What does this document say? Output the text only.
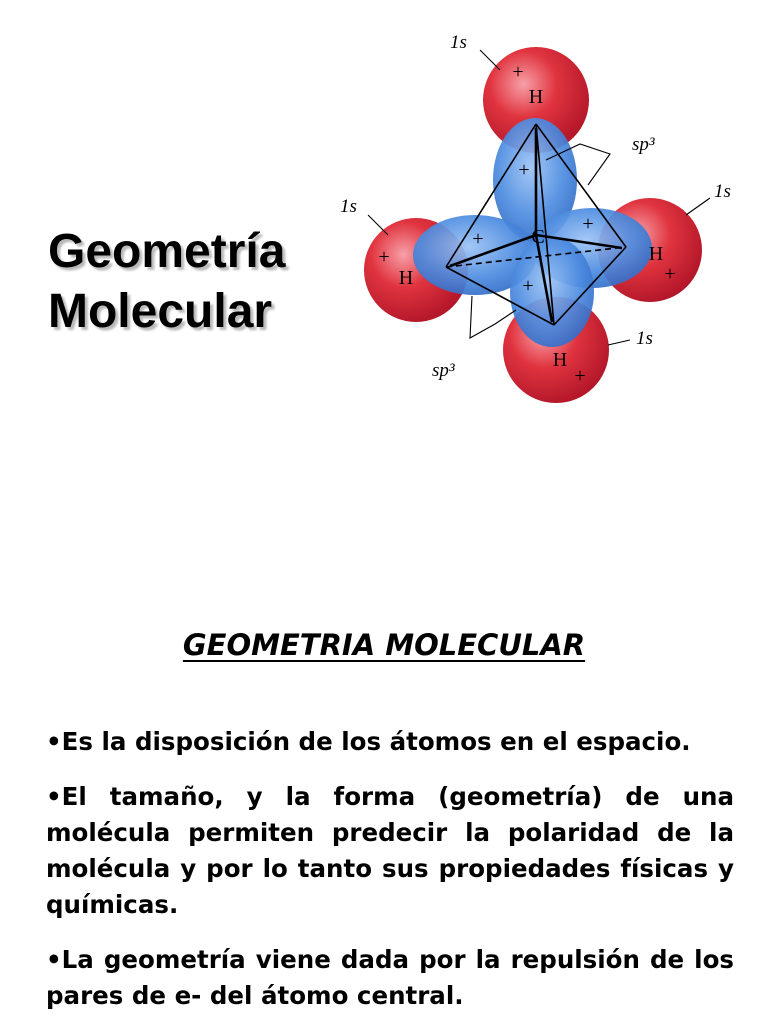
Geometría
Molecular
H
H
H
H
C
1s
1s
1s
1s
sp³
sp³
+
+
+
+
+
+
+
+
GEOMETRIA MOLECULAR

•Es la disposición de los átomos en el espacio.

•El tamaño, y la forma (geometría) de una molécula permiten predecir la polaridad de la molécula y por lo tanto sus propiedades físicas y químicas.

•La geometría viene dada por la repulsión de los pares de e- del átomo central.
